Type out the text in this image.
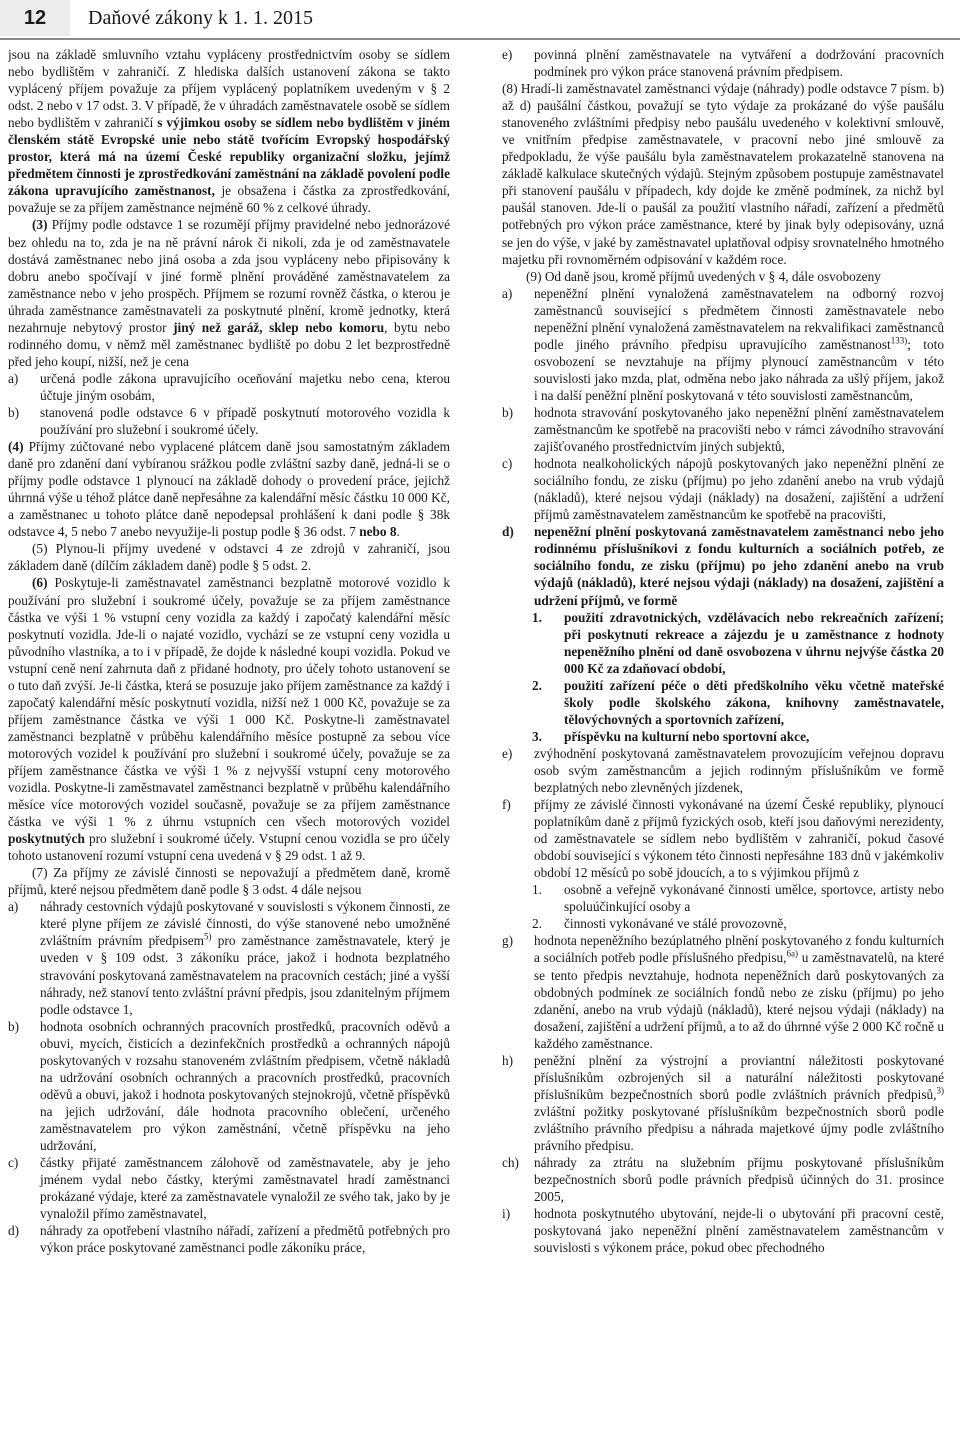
12	Daňové zákony k 1. 1. 2015

jsou na základě smluvního vztahu vypláceny prostřednictvím osoby se sídlem nebo bydlištěm v zahraničí. Z hlediska dalších ustanovení zákona se takto vyplácený příjem považuje za příjem vyplácený poplatníkem uvedeným v § 2 odst. 2 nebo v 17 odst. 3. V případě, že v úhradách zaměstnavatele osobě se sídlem nebo bydlištěm v zahraničí s výjimkou osoby se sídlem nebo bydlištěm v jiném členském státě Evropské unie nebo státě tvořícím Evropský hospodářský prostor, která má na území České republiky organizační složku, jejímž předmětem činnosti je zprostředkování zaměstnání na základě povolení podle zákona upravujícího zaměstnanost, je obsažena i částka za zprostředkování, považuje se za příjem zaměstnance nejméně 60 % z celkové úhrady.

(3) Příjmy podle odstavce 1 se rozumějí příjmy pravidelné nebo jednorázové bez ohledu na to, zda je na ně právní nárok či nikoli, zda je od zaměstnavatele dostává zaměstnanec nebo jiná osoba a zda jsou vypláceny nebo připisovány k dobru anebo spočívají v jiné formě plnění prováděné zaměstnavatelem za zaměstnance nebo v jeho prospěch. Příjmem se rozumí rovněž částka, o kterou je úhrada zaměstnance zaměstnavateli za poskytnuté plnění, kromě jednotky, která nezahrnuje nebytový prostor jiný než garáž, sklep nebo komoru, bytu nebo rodinného domu, v němž měl zaměstnanec bydliště po dobu 2 let bezprostředně před jeho koupí, nižší, než je cena

a)	určená podle zákona upravujícího oceňování majetku nebo cena, kterou účtuje jiným osobám,
b)	stanovená podle odstavce 6 v případě poskytnutí motorového vozidla k používání pro služební i soukromé účely.

(4) Příjmy zúčtované nebo vyplacené plátcem daně jsou samostatným základem daně pro zdanění daní vybíranou srážkou podle zvláštní sazby daně, jedná-li se o příjmy podle odstavce 1 plynoucí na základě dohody o provedení práce, jejichž úhrnná výše u téhož plátce daně nepřesáhne za kalendářní měsíc částku 10 000 Kč, a zaměstnanec u tohoto plátce daně nepodepsal prohlášení k dani podle § 38k odstavce 4, 5 nebo 7 anebo nevyužije-li postup podle § 36 odst. 7 nebo 8.

(5) Plynou-li příjmy uvedené v odstavci 4 ze zdrojů v zahraničí, jsou základem daně (dílčím základem daně) podle § 5 odst. 2.

(6) Poskytuje-li zaměstnavatel zaměstnanci bezplatně motorové vozidlo k používání pro služební i soukromé účely, považuje se za příjem zaměstnance částka ve výši 1 % vstupní ceny vozidla za každý i započatý kalendářní měsíc poskytnutí vozidla. Jde-li o najaté vozidlo, vychází se ze vstupní ceny vozidla u původního vlastníka, a to i v případě, že dojde k následné koupi vozidla. Pokud ve vstupní ceně není zahrnuta daň z přidané hodnoty, pro účely tohoto ustanovení se o tuto daň zvýší. Je-li částka, která se posuzuje jako příjem zaměstnance za každý i započatý kalendářní měsíc poskytnutí vozidla, nižší než 1 000 Kč, považuje se za příjem zaměstnance částka ve výši 1 000 Kč. Poskytne-li zaměstnavatel zaměstnanci bezplatně v průběhu kalendářního měsíce postupně za sebou více motorových vozidel k používání pro služební i soukromé účely, považuje se za příjem zaměstnance částka ve výši 1 % z nejvyšší vstupní ceny motorového vozidla. Poskytne-li zaměstnavatel zaměstnanci bezplatně v průběhu kalendářního měsíce více motorových vozidel současně, považuje se za příjem zaměstnance částka ve výši 1 % z úhrnu vstupních cen všech motorových vozidel poskytnutých pro služební i soukromé účely. Vstupní cenou vozidla se pro účely tohoto ustanovení rozumí vstupní cena uvedená v § 29 odst. 1 až 9.

(7) Za příjmy ze závislé činnosti se nepovažují a předmětem daně, kromě příjmů, které nejsou předmětem daně podle § 3 odst. 4 dále nejsou

a)	náhrady cestovních výdajů poskytované v souvislosti s výkonem činnosti, ze které plyne příjem ze závislé činnosti, do výše stanovené nebo umožněné zvláštním právním předpisem$^{5)}$ pro zaměstnance zaměstnavatele, který je uveden v § 109 odst. 3 zákoníku práce, jakož i hodnota bezplatného stravování poskytovaná zaměstnavatelem na pracovních cestách; jiné a vyšší náhrady, než stanoví tento zvláštní právní předpis, jsou zdanitelným příjmem podle odstavce 1,
b)	hodnota osobních ochranných pracovních prostředků, pracovních oděvů a obuvi, mycích, čisticích a dezinfekčních prostředků a ochranných nápojů poskytovaných v rozsahu stanoveném zvláštním předpisem, včetně nákladů na udržování osobních ochranných a pracovních prostředků, pracovních oděvů a obuvi, jakož i hodnota poskytovaných stejnokrojů, včetně příspěvků na jejich udržování, dále hodnota pracovního oblečení, určeného zaměstnavatelem pro výkon zaměstnání, včetně příspěvku na jeho udržování,
c)	částky přijaté zaměstnancem zálohově od zaměstnavatele, aby je jeho jménem vydal nebo částky, kterými zaměstnavatel hradí zaměstnanci prokázané výdaje, které za zaměstnavatele vynaložil ze svého tak, jako by je vynaložil přímo zaměstnavatel,
d)	náhrady za opotřebení vlastního nářadí, zařízení a předmětů potřebných pro výkon práce poskytované zaměstnanci podle zákoníku práce,
e)	povinná plnění zaměstnavatele na vytváření a dodržování pracovních podmínek pro výkon práce stanovená právním předpisem.

(8) Hradí-li zaměstnavatel zaměstnanci výdaje (náhrady) podle odstavce 7 písm. b) až d) paušální částkou, považují se tyto výdaje za prokázané do výše paušálu stanoveného zvláštními předpisy nebo paušálu uvedeného v kolektivní smlouvě, ve vnitřním předpise zaměstnavatele, v pracovní nebo jiné smlouvě za předpokladu, že výše paušálu byla zaměstnavatelem prokazatelně stanovena na základě kalkulace skutečných výdajů. Stejným způsobem postupuje zaměstnavatel při stanovení paušálu v případech, kdy dojde ke změně podmínek, za nichž byl paušál stanoven. Jde-li o paušál za použití vlastního nářadí, zařízení a předmětů potřebných pro výkon práce zaměstnance, které by jinak byly odepisovány, uzná se jen do výše, v jaké by zaměstnavatel uplatňoval odpisy srovnatelného hmotného majetku při rovnoměrném odpisování v každém roce.

(9) Od daně jsou, kromě příjmů uvedených v § 4, dále osvobozeny

a)	nepeněžní plnění vynaložená zaměstnavatelem na odborný rozvoj zaměstnanců související s předmětem činnosti zaměstnavatele nebo nepeněžní plnění vynaložená zaměstnavatelem na rekvalifikaci zaměstnanců podle jiného právního předpisu upravujícího zaměstnanost$^{133)}$; toto osvobození se nevztahuje na příjmy plynoucí zaměstnancům v této souvislosti jako mzda, plat, odměna nebo jako náhrada za ušlý příjem, jakož i na další peněžní plnění poskytovaná v této souvislosti zaměstnancům,
b)	hodnota stravování poskytovaného jako nepeněžní plnění zaměstnavatelem zaměstnancům ke spotřebě na pracovišti nebo v rámci závodního stravování zajišťovaného prostřednictvím jiných subjektů,
c)	hodnota nealkoholických nápojů poskytovaných jako nepeněžní plnění ze sociálního fondu, ze zisku (příjmu) po jeho zdanění anebo na vrub výdajů (nákladů), které nejsou výdaji (náklady) na dosažení, zajištění a udržení příjmů zaměstnavatelem zaměstnancům ke spotřebě na pracovišti,
d)	nepeněžní plnění poskytovaná zaměstnavatelem zaměstnanci nebo jeho rodinnému příslušníkovi z fondu kulturních a sociálních potřeb, ze sociálního fondu, ze zisku (příjmu) po jeho zdanění anebo na vrub výdajů (nákladů), které nejsou výdaji (náklady) na dosažení, zajištění a udržení příjmů, ve formě
1.	použití zdravotnických, vzdělávacích nebo rekreačních zařízení; při poskytnutí rekreace a zájezdu je u zaměstnance z hodnoty nepeněžního plnění od daně osvobozena v úhrnu nejvýše částka 20 000 Kč za zdaňovací období,
2.	použití zařízení péče o děti předškolního věku včetně mateřské školy podle školského zákona, knihovny zaměstnavatele, tělovýchovných a sportovních zařízení,
3.	příspěvku na kulturní nebo sportovní akce,
e)	zvýhodnění poskytovaná zaměstnavatelem provozujícím veřejnou dopravu osob svým zaměstnancům a jejich rodinným příslušníkům ve formě bezplatných nebo zlevněných jízdenek,
f)	příjmy ze závislé činnosti vykonávané na území České republiky, plynoucí poplatníkům daně z příjmů fyzických osob, kteří jsou daňovými nerezidenty, od zaměstnavatele se sídlem nebo bydlištěm v zahraničí, pokud časové období související s výkonem této činnosti nepřesáhne 183 dnů v jakémkoliv období 12 měsíců po sobě jdoucích, a to s výjimkou příjmů z
1.	osobně a veřejně vykonávané činnosti umělce, sportovce, artisty nebo spoluúčinkující osoby a
2.	činnosti vykonávané ve stálé provozovně,
g)	hodnota nepeněžního bezúplatného plnění poskytovaného z fondu kulturních a sociálních potřeb podle příslušného předpisu,$^{6a)}$ u zaměstnavatelů, na které se tento předpis nevztahuje, hodnota nepeněžních darů poskytovaných za obdobných podmínek ze sociálních fondů nebo ze zisku (příjmu) po jeho zdanění, anebo na vrub výdajů (nákladů), které nejsou výdaji (náklady) na dosažení, zajištění a udržení příjmů, a to až do úhrnné výše 2 000 Kč ročně u každého zaměstnance.
h)	peněžní plnění za výstrojní a proviantní náležitosti poskytované příslušníkům ozbrojených sil a naturální náležitosti poskytované příslušníkům bezpečnostních sborů podle zvláštních právních předpisů,$^{3)}$ zvláštní požitky poskytované příslušníkům bezpečnostních sborů podle zvláštního právního předpisu a náhrada majetkové újmy podle zvláštního právního předpisu.
ch)	náhrady za ztrátu na služebním příjmu poskytované příslušníkům bezpečnostních sborů podle právních předpisů účinných do 31. prosince 2005,
i)	hodnota poskytnutého ubytování, nejde-li o ubytování při pracovní cestě, poskytovaná jako nepeněžní plnění zaměstnavatelem zaměstnancům v souvislosti s výkonem práce, pokud obec přechodného
